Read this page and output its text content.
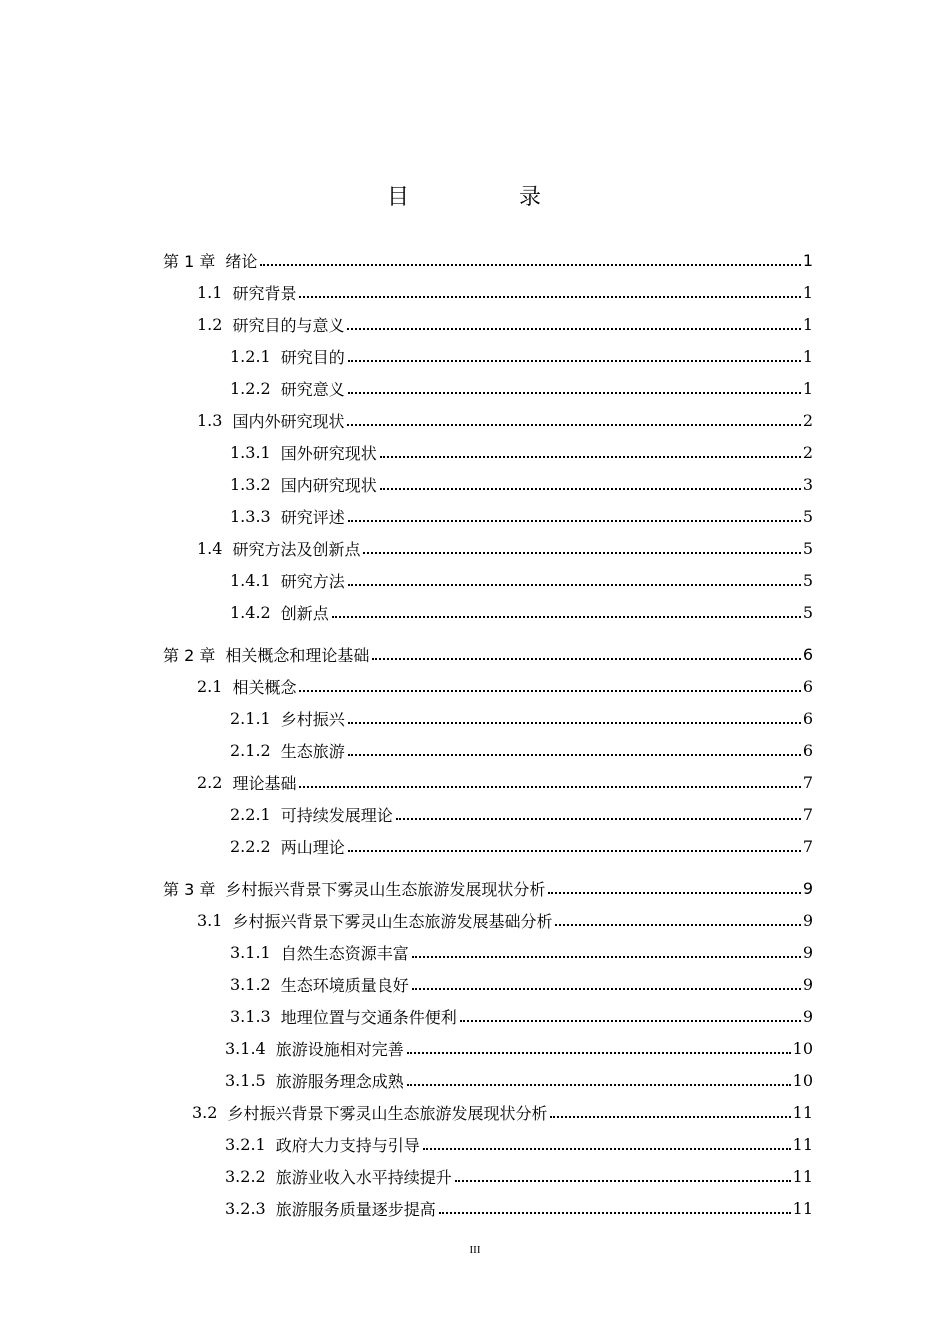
目　录
第 1 章 绪论	1
1.1 研究背景	1
1.2 研究目的与意义	1
1.2.1 研究目的	1
1.2.2 研究意义	1
1.3 国内外研究现状	2
1.3.1 国外研究现状	2
1.3.2 国内研究现状	3
1.3.3 研究评述	5
1.4 研究方法及创新点	5
1.4.1 研究方法	5
1.4.2 创新点	5
第 2 章 相关概念和理论基础	6
2.1 相关概念	6
2.1.1 乡村振兴	6
2.1.2 生态旅游	6
2.2 理论基础	7
2.2.1 可持续发展理论	7
2.2.2 两山理论	7
第 3 章 乡村振兴背景下雾灵山生态旅游发展现状分析	9
3.1 乡村振兴背景下雾灵山生态旅游发展基础分析	9
3.1.1 自然生态资源丰富	9
3.1.2 生态环境质量良好	9
3.1.3 地理位置与交通条件便利	9
3.1.4 旅游设施相对完善	10
3.1.5 旅游服务理念成熟	10
3.2 乡村振兴背景下雾灵山生态旅游发展现状分析	11
3.2.1 政府大力支持与引导	11
3.2.2 旅游业收入水平持续提升	11
3.2.3 旅游服务质量逐步提高	11
III
